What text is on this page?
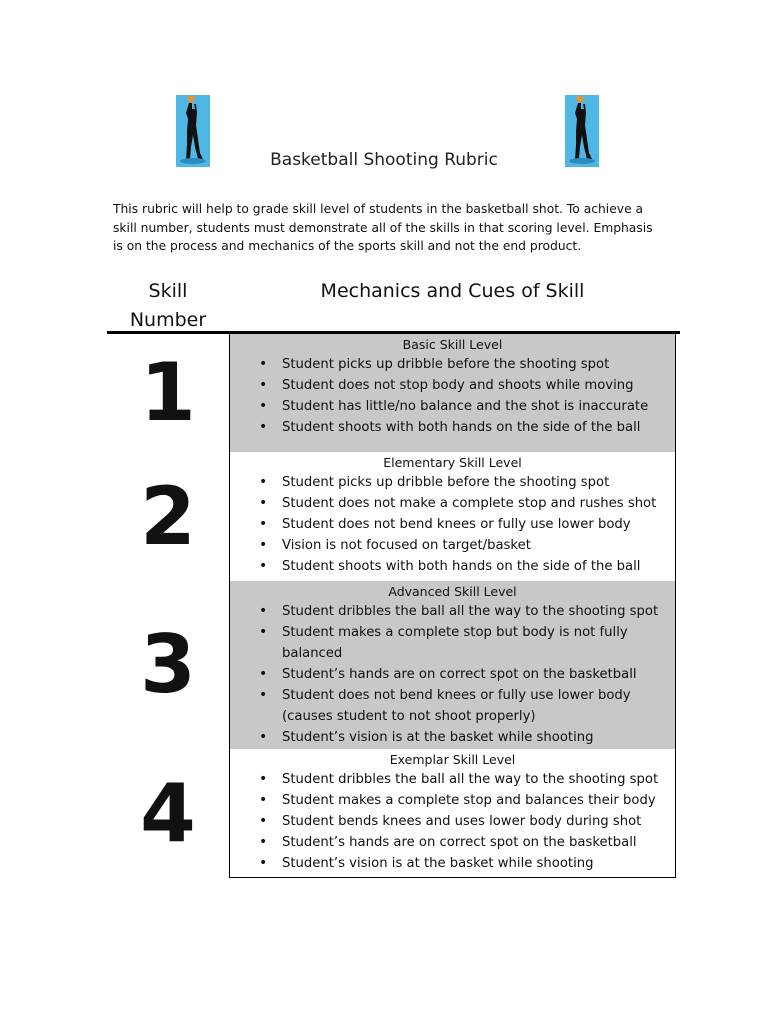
Basketball Shooting Rubric
This rubric will help to grade skill level of students in the basketball shot. To achieve a skill number, students must demonstrate all of the skills in that scoring level. Emphasis is on the process and mechanics of the sports skill and not the end product.
Skill
Number
Mechanics and Cues of Skill
1

Basic Skill Level

• Student picks up dribble before the shooting spot
• Student does not stop body and shoots while moving
• Student has little/no balance and the shot is inaccurate
• Student shoots with both hands on the side of the ball
2

Elementary Skill Level

• Student picks up dribble before the shooting spot
• Student does not make a complete stop and rushes shot
• Student does not bend knees or fully use lower body
• Vision is not focused on target/basket
• Student shoots with both hands on the side of the ball
3

Advanced Skill Level

• Student dribbles the ball all the way to the shooting spot
• Student makes a complete stop but body is not fully balanced
• Student’s hands are on correct spot on the basketball
• Student does not bend knees or fully use lower body (causes student to not shoot properly)
• Student’s vision is at the basket while shooting
4

Exemplar Skill Level

• Student dribbles the ball all the way to the shooting spot
• Student makes a complete stop and balances their body
• Student bends knees and uses lower body during shot
• Student’s hands are on correct spot on the basketball
• Student’s vision is at the basket while shooting
